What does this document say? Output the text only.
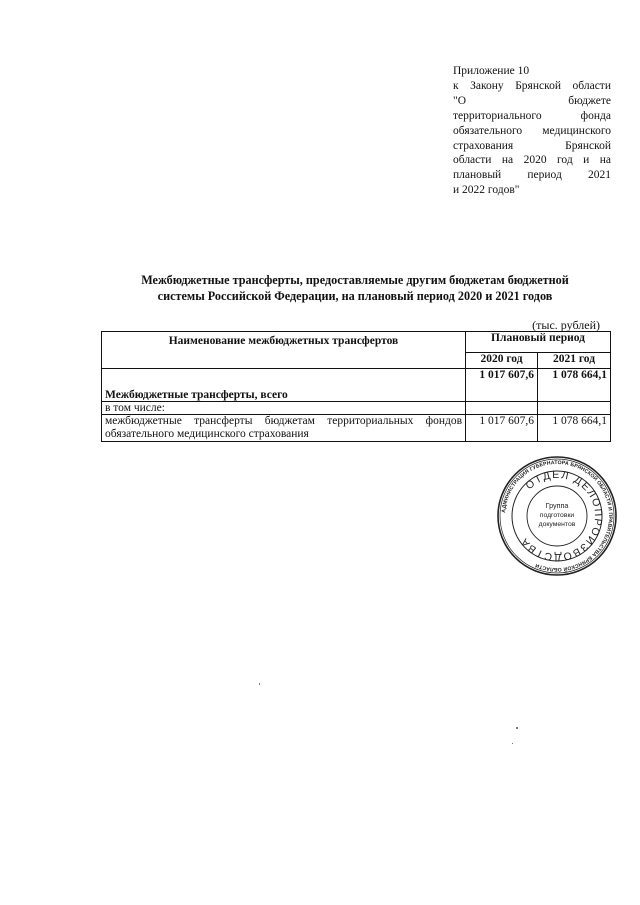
Приложение 10
к Закону Брянской области
"О бюджете
территориального фонда
обязательного медицинского
страхования Брянской
области на 2020 год и на
плановый период 2021
и 2022 годов"
Межбюджетные трансферты, предоставляемые другим бюджетам бюджетной
системы Российской Федерации, на плановый период 2020 и 2021 годов
(тыс. рублей)
Наименование межбюджетных трансфертов	Плановый период	
	2020 год	2021 год
Межбюджетные трансферты, всего	1 017 607,6	1 078 664,1
в том числе:		
межбюджетные трансферты бюджетам территориальных фондов обязательного медицинского страхования	1 017 607,6	1 078 664,1
АДМИНИСТРАЦИЯ ГУБЕРНАТОРА БРЯНСКОЙ ОБЛАСТИ И ПРАВИТЕЛЬСТВА БРЯНСКОЙ ОБЛАСТИ
ОТДЕЛ ДЕЛОПРОИЗВОДСТВА
Группа
подготовки
документов
